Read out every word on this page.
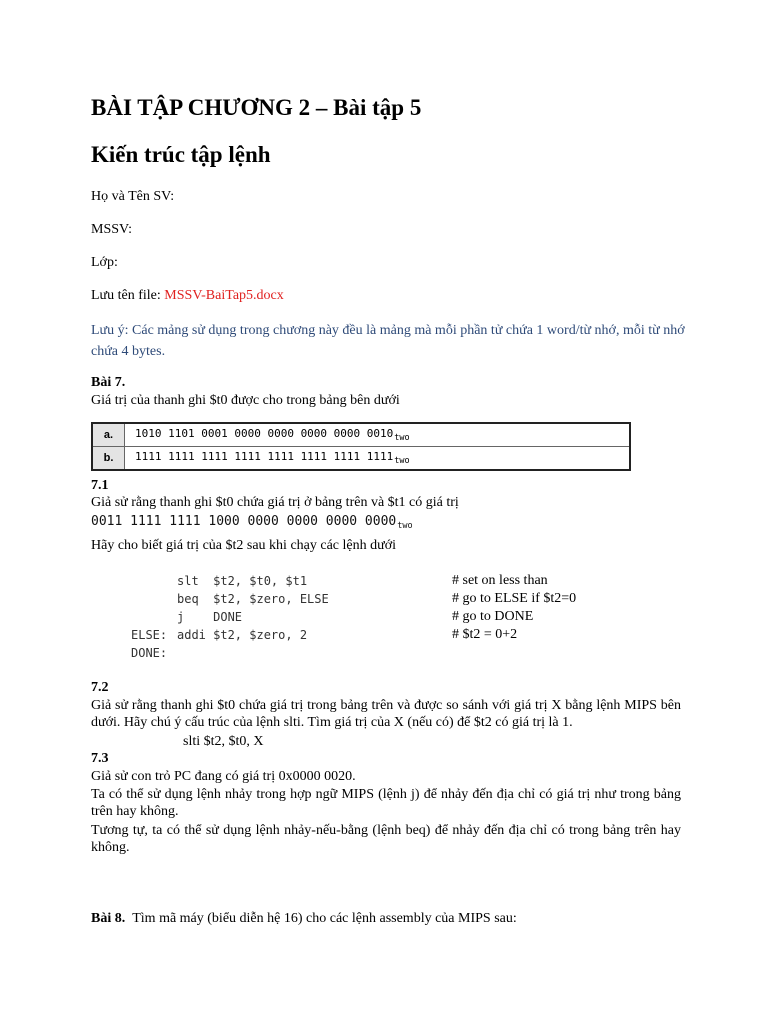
BÀI TẬP CHƯƠNG 2 – Bài tập 5
Kiến trúc tập lệnh
Họ và Tên SV:
MSSV:
Lớp:
Lưu tên file: MSSV-BaiTap5.docx
Lưu ý: Các mảng sử dụng trong chương này đều là mảng mà mỗi phần tử chứa 1 word/từ nhớ, mỗi từ nhớ chứa 4 bytes.
Bài 7.
Giá trị của thanh ghi $t0 được cho trong bảng bên dưới
a.	1010 1101 0001 0000 0000 0000 0000 $0010_{two}$
b.	1111 1111 1111 1111 1111 1111 1111 $1111_{two}$
7.1
Giả sử rằng thanh ghi $t0 chứa giá trị ở bảng trên và $t1 có giá trị
0011 1111 1111 1000 0000 0000 0000 $0000_{two}$
Hãy cho biết giá trị của $t2 sau khi chạy các lệnh dưới
slt  $t2, $t0, $t1	# set on less than
beq  $t2, $zero, ELSE	# go to ELSE if $t2=0
j    DONE	# go to DONE
ELSE: addi $t2, $zero, 2	# $t2 = 0+2
DONE:
7.2
Giả sử rằng thanh ghi $t0 chứa giá trị trong bảng trên và được so sánh với giá trị X bằng lệnh MIPS bên dưới. Hãy chú ý cấu trúc của lệnh slti. Tìm giá trị của X (nếu có) để $t2 có giá trị là 1.
slti $t2, $t0, X
7.3
Giả sử con trỏ PC đang có giá trị 0x0000 0020.
Ta có thể sử dụng lệnh nhảy trong hợp ngữ MIPS (lệnh j) để nhảy đến địa chỉ có giá trị như trong bảng trên hay không.
Tương tự, ta có thể sử dụng lệnh nhảy-nếu-bằng (lệnh beq) để nhảy đến địa chỉ có trong bảng trên hay không.
Bài 8. Tìm mã máy (biểu diễn hệ 16) cho các lệnh assembly của MIPS sau:
